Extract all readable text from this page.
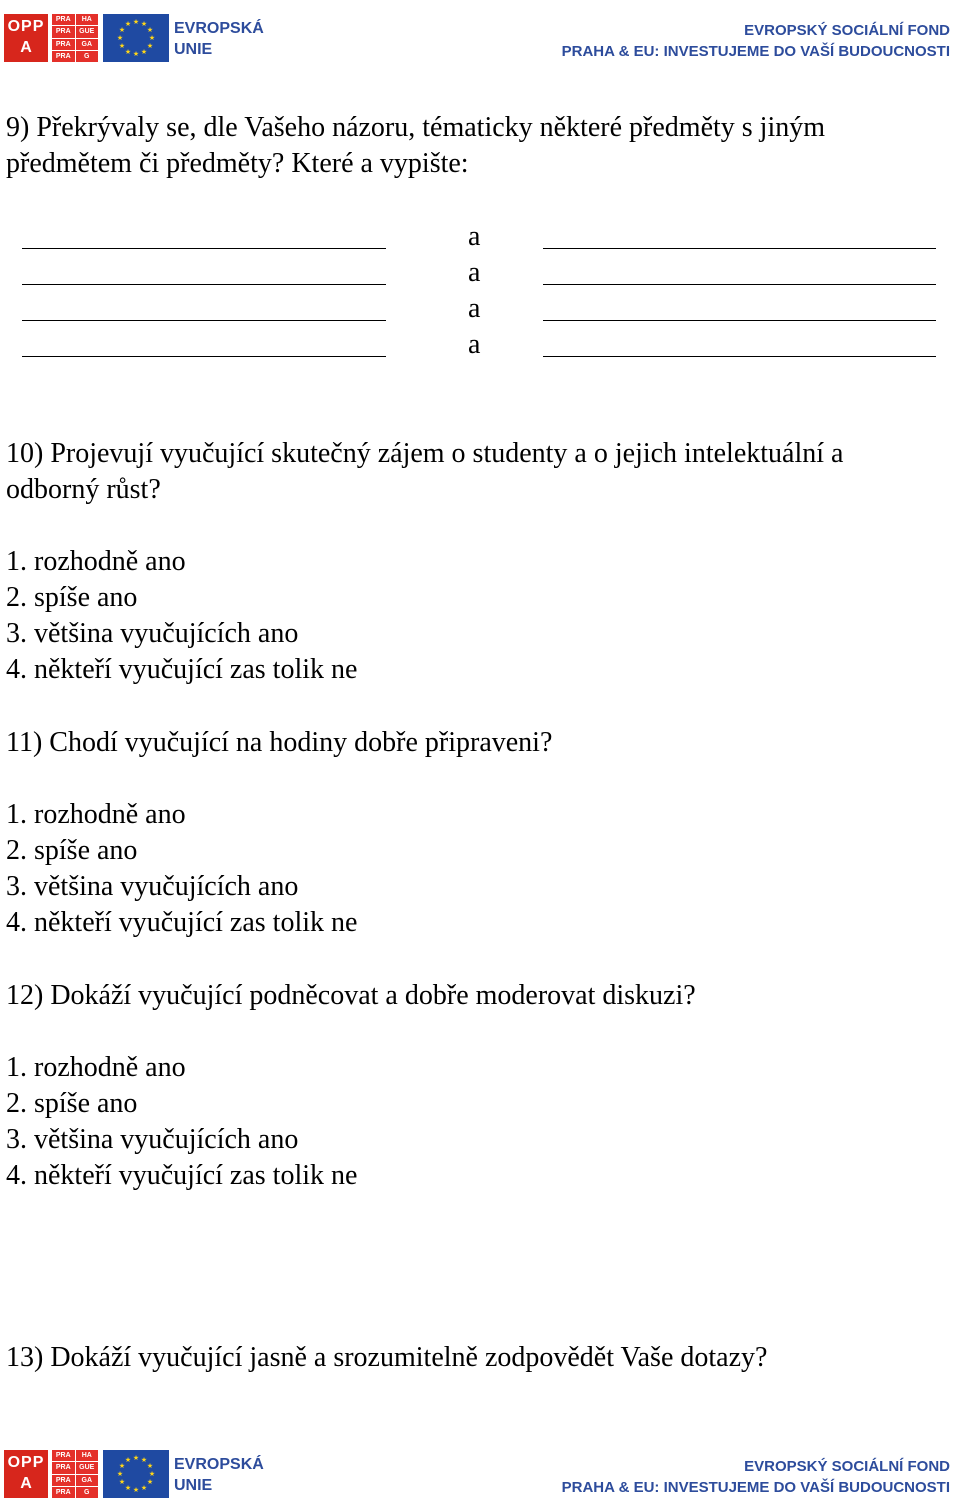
OPP
A
PRA	HA
PRA	GUE
PRA	GA
PRA	G
★ ★
★
★
★
★
★
★
★
★
★
★	EVROPSKÁ
UNIE
EVROPSKÝ SOCIÁLNÍ FOND
PRAHA & EU: INVESTUJEME DO VAŠÍ BUDOUCNOSTI
9) Překrývaly se, dle Vašeho názoru, tématicky některé předměty s jiným
předmětem či předměty? Které a vypište:
a
a
a
a
10) Projevují vyučující skutečný zájem o studenty a o jejich intelektuální a
odborný růst?
1. rozhodně ano
2. spíše ano
3. většina vyučujících ano
4. někteří vyučující zas tolik ne
11) Chodí vyučující na hodiny dobře připraveni?
1. rozhodně ano
2. spíše ano
3. většina vyučujících ano
4. někteří vyučující zas tolik ne
12) Dokáží vyučující podněcovat a dobře moderovat diskuzi?
1. rozhodně ano
2. spíše ano
3. většina vyučujících ano
4. někteří vyučující zas tolik ne
13) Dokáží vyučující jasně a srozumitelně zodpovědět Vaše dotazy?
OPP
A
PRA	HA
PRA	GUE
PRA	GA
PRA	G
★ ★
★
★
★
★
★
★
★
★
★
★	EVROPSKÁ
UNIE
EVROPSKÝ SOCIÁLNÍ FOND
PRAHA & EU: INVESTUJEME DO VAŠÍ BUDOUCNOSTI
